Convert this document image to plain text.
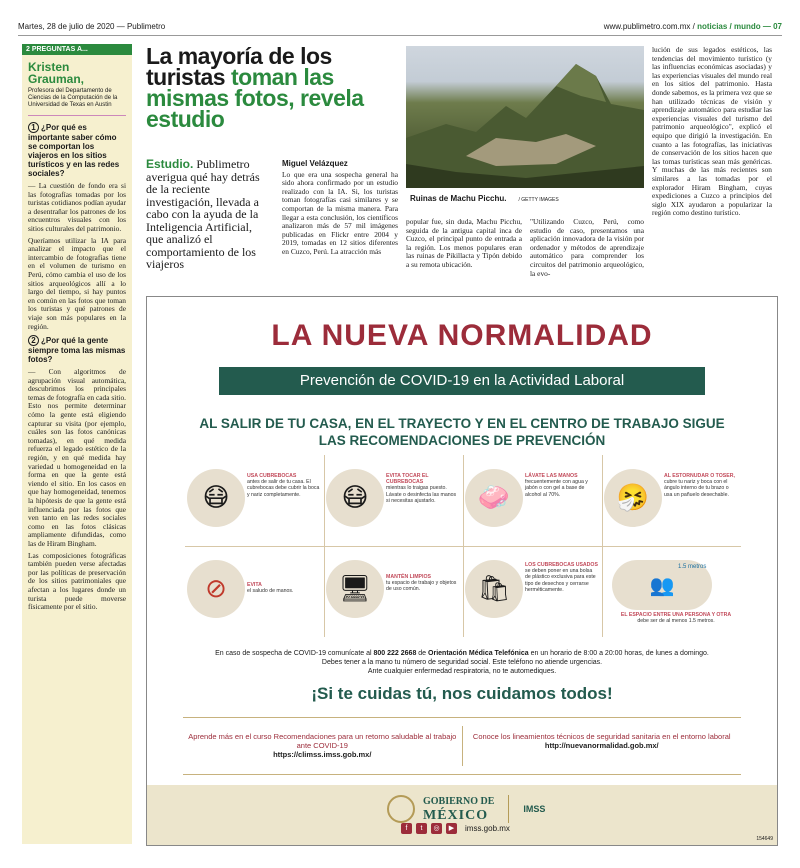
Martes, 28 de julio de 2020 — Publimetro	www.publimetro.com.mx / noticias / mundo — 07
2 PREGUNTAS A...
Kristen Grauman,
Profesora del Departamento de Ciencias de la Computación de la Universidad de Texas en Austin
1 ¿Por qué es importante saber cómo se comportan los viajeros en los sitios turísticos y en las redes sociales?

— La cuestión de fondo era si las fotografías tomadas por los turistas cotidianos podían ayudar a desentrañar los patrones de los encuentros visuales con los sitios culturales del patrimonio.

Queríamos utilizar la IA para analizar el impacto que el intercambio de fotografías tiene en el volumen de turismo en Perú, cómo cambia el uso de los sitios arqueológicos allí a lo largo del tiempo, si hay puntos en común en las fotos que toman los turistas y qué patrones de viaje son más populares en la región.

2 ¿Por qué la gente siempre toma las mismas fotos?

— Con algoritmos de agrupación visual automática, descubrimos los principales temas de fotografía en cada sitio. Esto nos permite determinar cómo la gente está eligiendo capturar su visita (por ejemplo, cuáles son las fotos canónicas tomadas), en qué medida refuerza el legado estético de la región, y en qué medida hay variedad u homogeneidad en la forma en que la gente está viendo el sitio. En los casos en que hay homogeneidad, tenemos la hipótesis de que la gente está influenciada por las fotos que ven tanto en las redes sociales como en las fotos clásicas ampliamente difundidas, como las de Hiram Bingham.

Las composiciones fotográficas también pueden verse afectadas por las políticas de preservación de los sitios patrimoniales que afectan a los lugares donde un turista puede moverse físicamente por el sitio.

La mayoría de los turistas toman las mismas fotos, revela estudio
Ruinas de Machu Picchu. / GETTY IMAGES
Estudio. Publimetro averigua qué hay detrás de la reciente investigación, llevada a cabo con la ayuda de la Inteligencia Artificial, que analizó el comportamiento de los viajeros
Miguel Velázquez
Lo que era una sospecha general ha sido ahora confirmado por un estudio realizado con la IA. Si, los turistas toman fotografías casi similares y se comportan de la misma manera. Para llegar a esta conclusión, los científicos analizaron más de 57 mil imágenes publicadas en Flickr entre 2004 y 2019, tomadas en 12 sitios diferentes en Cuzco, Perú. La atracción más
popular fue, sin duda, Machu Picchu, seguida de la antigua capital inca de Cuzco, el principal punto de entrada a la región. Los menos populares eran las ruinas de Pikillacta y Tipón debido a su remota ubicación.
"Utilizando Cuzco, Perú, como estudio de caso, presentamos una aplicación innovadora de la visión por ordenador y métodos de aprendizaje automático para comprender los circuitos del patrimonio arqueológico, la evo-
lución de sus legados estéticos, las tendencias del movimiento turístico (y las influencias económicas asociadas) y las experiencias visuales del mundo real en los sitios del patrimonio. Hasta donde sabemos, es la primera vez que se han utilizado técnicas de visión y aprendizaje automático para estudiar las experiencias visuales del turismo del patrimonio arqueológico", explicó el equipo que dirigió la investigación. En cuanto a las fotografías, las iniciativas de conservación de los sitios hacen que las tomas turísticas sean más genéricas. Y muchas de las más recientes son similares a las tomadas por el explorador Hiram Bingham, cuyas expediciones a Cuzco a principios del siglo XIX ayudaron a popularizar la región como destino turístico.
LA NUEVA NORMALIDAD
Prevención de COVID-19 en la Actividad Laboral
AL SALIR DE TU CASA, EN EL TRAYECTO Y EN EL CENTRO DE TRABAJO SIGUE LAS RECOMENDACIONES DE PREVENCIÓN
😷
USA CUBREBOCAS
antes de salir de tu casa. El cubrebocas debe cubrir la boca y nariz completamente.	😷
EVITA TOCAR EL CUBREBOCAS
mientras lo traigas puesto. Lávate o desinfecta las manos si necesitas ajustarlo.	🧼
LÁVATE LAS MANOS
frecuentemente con agua y jabón o con gel a base de alcohol al 70%.	🤧
AL ESTORNUDAR O TOSER,
cubre tu nariz y boca con el ángulo interno de tu brazo o usa un pañuelo desechable.
⊘	EVITA
el saludo de manos.	🖥	MANTÉN LIMPIOS
tu espacio de trabajo y objetos de uso común.	🛍
LOS CUBREBOCAS USADOS
se deben poner en una bolsa de plástico exclusiva para este tipo de desechos y cerrarse herméticamente.	👥
1.5 metros
EL ESPACIO ENTRE UNA PERSONA Y OTRA
debe ser de al menos 1.5 metros.
En caso de sospecha de COVID-19 comunícate al 800 222 2668 de Orientación Médica Telefónica en un horario de 8:00 a 20:00 horas, de lunes a domingo.
Debes tener a la mano tu número de seguridad social. Este teléfono no atiende urgencias.
Ante cualquier enfermedad respiratoria, no te automediques.
¡Si te cuidas tú, nos cuidamos todos!
Aprende más en el curso Recomendaciones para un retorno saludable al trabajo ante COVID-19
https://climss.imss.gob.mx/
Conoce los lineamientos técnicos de seguridad sanitaria en el entorno laboral
http://nuevanormalidad.gob.mx/
GOBIERNO DE
MÉXICO	IMSS
f	t	◎	▶	imss.gob.mx
154649
